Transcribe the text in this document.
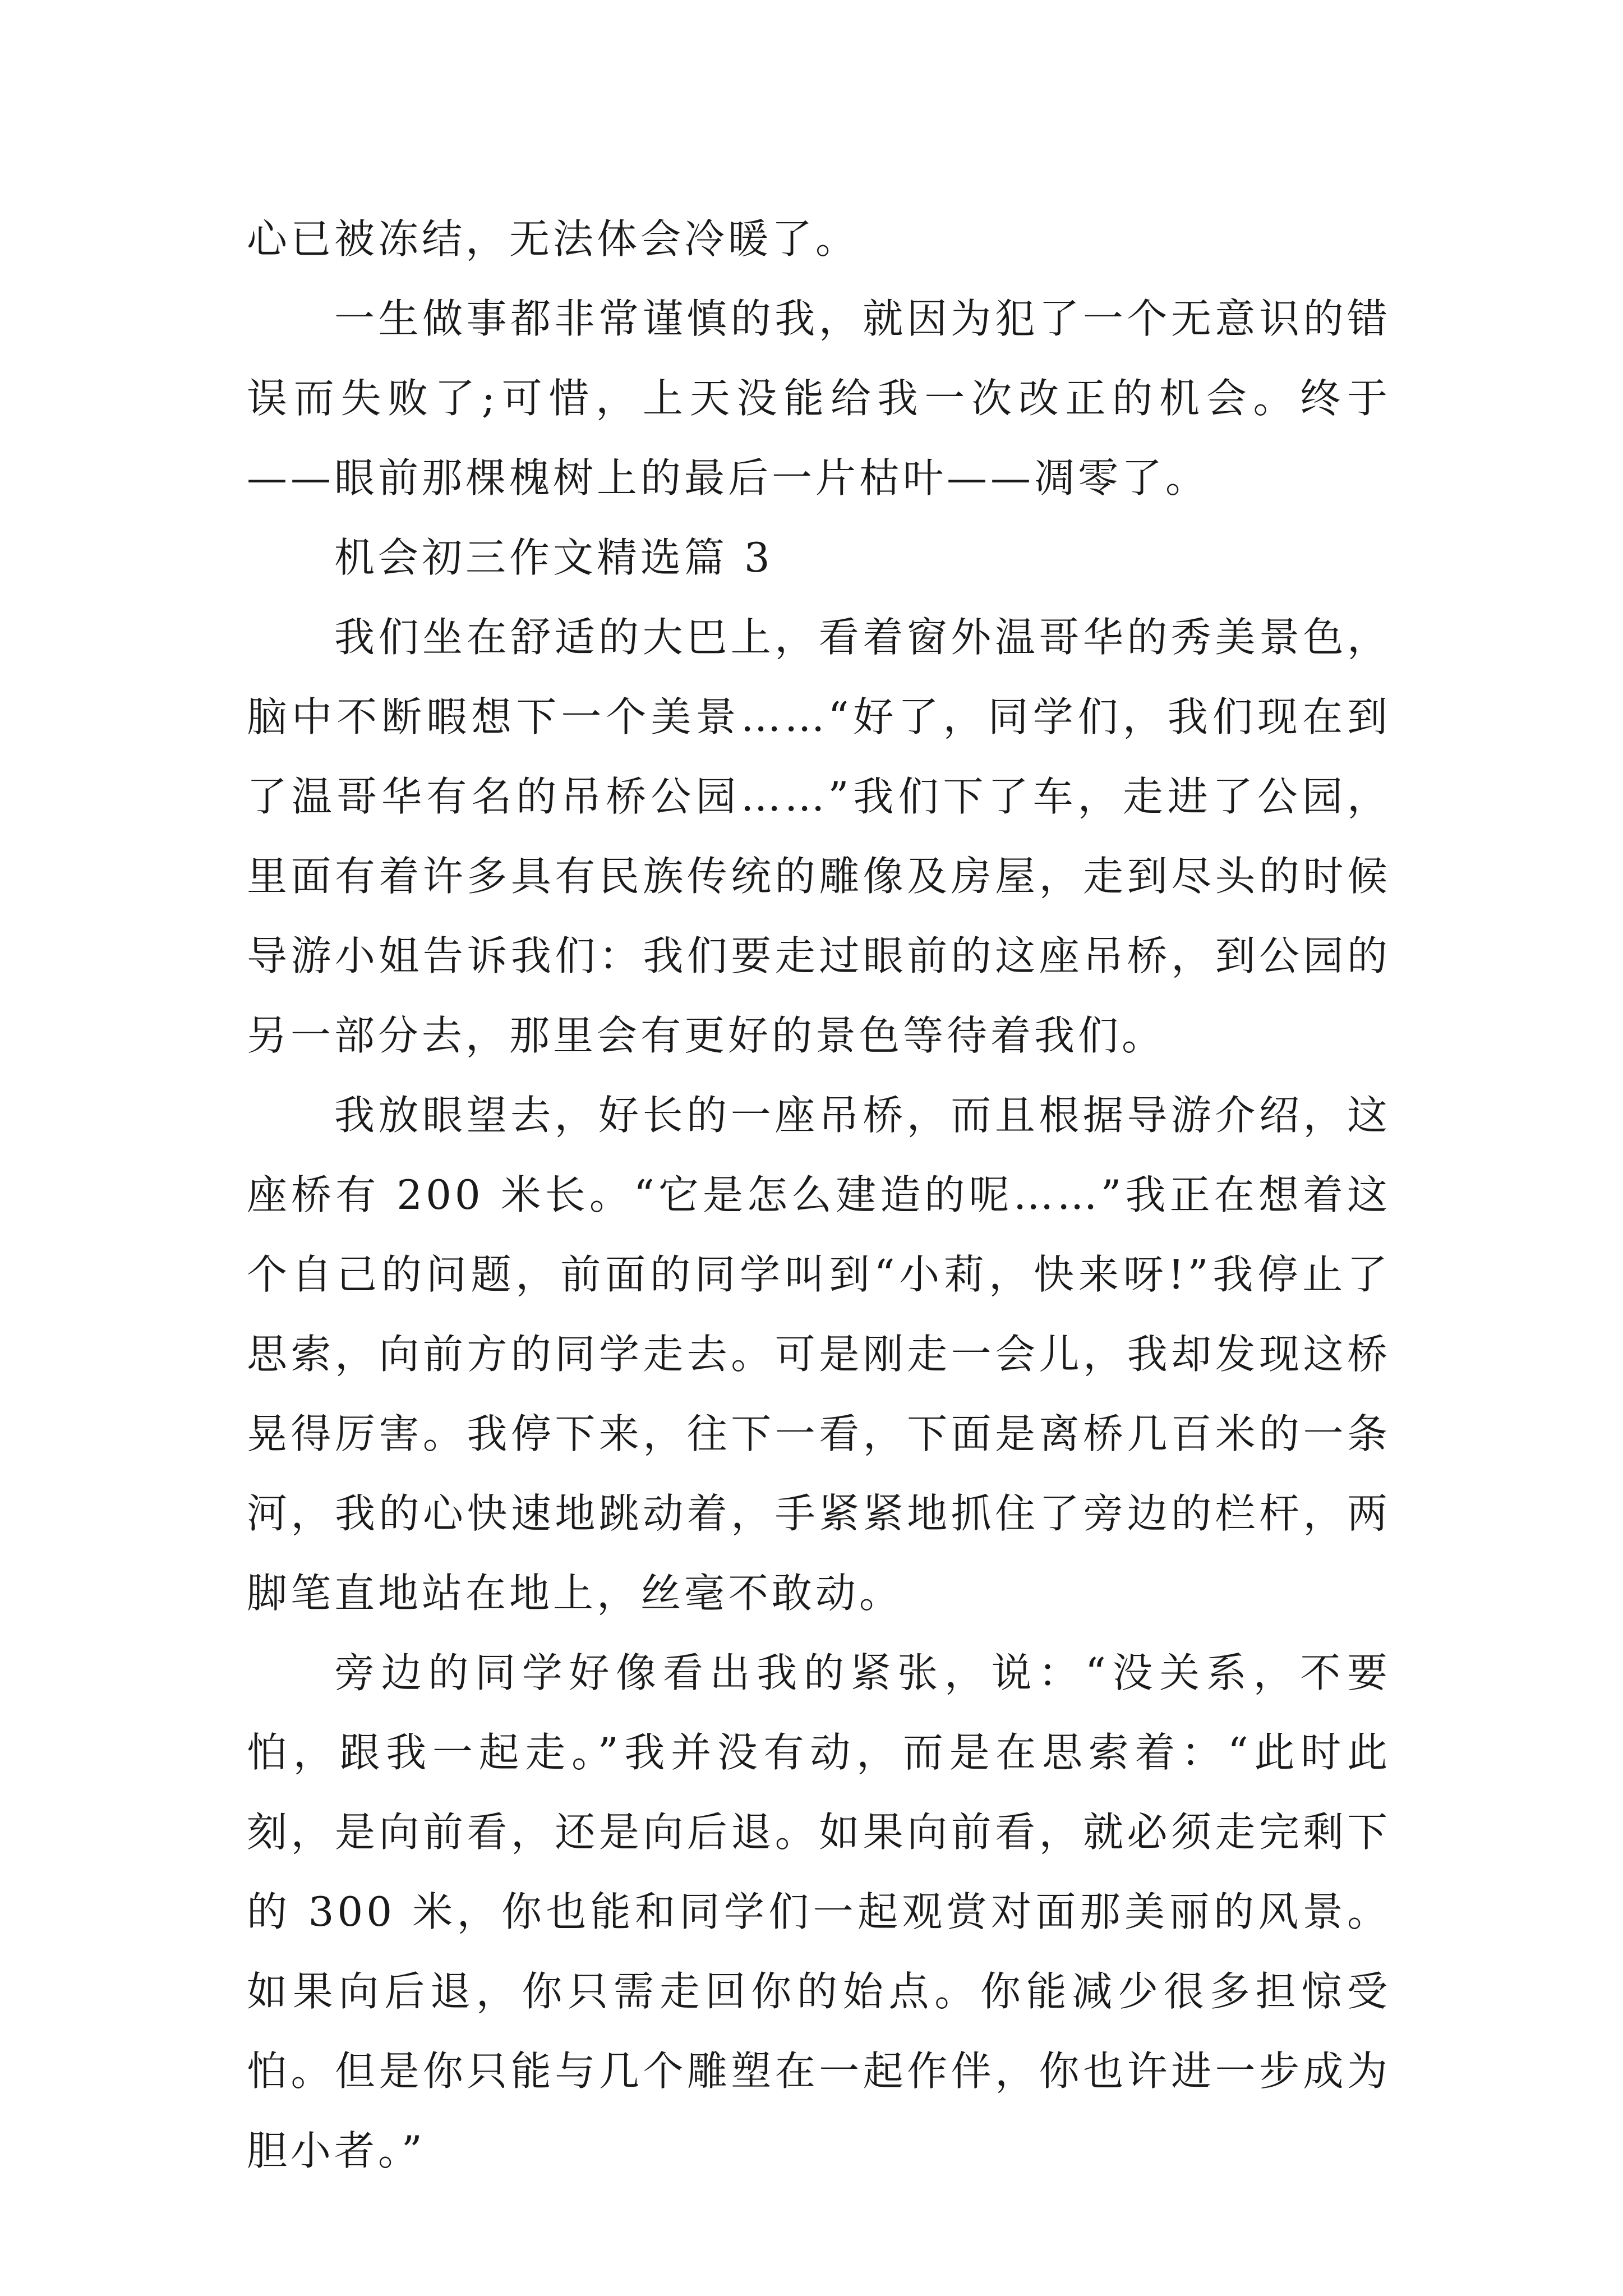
心已被冻结，无法体会冷暖了。

一生做事都非常谨慎的我，就因为犯了一个无意识的错误而失败了;可惜，上天没能给我一次改正的机会。终于——眼前那棵槐树上的最后一片枯叶——凋零了。

机会初三作文精选篇 3

我们坐在舒适的大巴上，看着窗外温哥华的秀美景色，脑中不断暇想下一个美景……“好了，同学们，我们现在到了温哥华有名的吊桥公园……”我们下了车，走进了公园，里面有着许多具有民族传统的雕像及房屋，走到尽头的时候导游小姐告诉我们：我们要走过眼前的这座吊桥，到公园的另一部分去，那里会有更好的景色等待着我们。

我放眼望去，好长的一座吊桥，而且根据导游介绍，这座桥有 200 米长。“它是怎么建造的呢……”我正在想着这个自己的问题，前面的同学叫到“小莉，快来呀!”我停止了思索，向前方的同学走去。可是刚走一会儿，我却发现这桥晃得厉害。我停下来，往下一看，下面是离桥几百米的一条河，我的心快速地跳动着，手紧紧地抓住了旁边的栏杆，两脚笔直地站在地上，丝毫不敢动。

旁边的同学好像看出我的紧张，说：“没关系，不要怕，跟我一起走。”我并没有动，而是在思索着：“此时此刻，是向前看，还是向后退。如果向前看，就必须走完剩下的 300 米，你也能和同学们一起观赏对面那美丽的风景。如果向后退，你只需走回你的始点。你能减少很多担惊受怕。但是你只能与几个雕塑在一起作伴，你也许进一步成为胆小者。”
